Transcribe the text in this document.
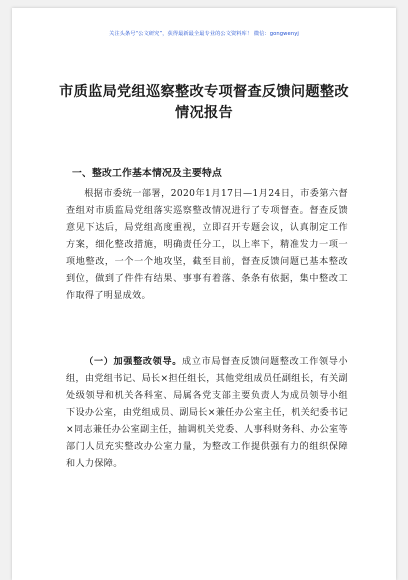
关注头条号“公文研究”，获得最新最全最专业的公文资料库！ 微信：gongwenyj
市质监局党组巡察整改专项督查反馈问题整改情况报告
一、整改工作基本情况及主要特点
根据市委统一部署，2020年1月17日—1月24日，市委第六督查组对市质监局党组落实巡察整改情况进行了专项督查。督查反馈意见下达后，局党组高度重视，立即召开专题会议，认真制定工作方案，细化整改措施，明确责任分工，以上率下，精准发力一项一项地整改，一个一个地攻坚，截至目前，督查反馈问题已基本整改到位，做到了件件有结果、事事有着落、条条有依据，集中整改工作取得了明显成效。
（一）加强整改领导。成立市局督查反馈问题整改工作领导小组，由党组书记、局长×担任组长，其他党组成员任副组长，有关副处级领导和机关各科室、局属各党支部主要负责人为成员领导小组下设办公室，由党组成员、副局长×兼任办公室主任，机关纪委书记×同志兼任办公室副主任，抽调机关党委、人事科财务科、办公室等部门人员充实整改办公室力量，为整改工作提供强有力的组织保障和人力保障。
